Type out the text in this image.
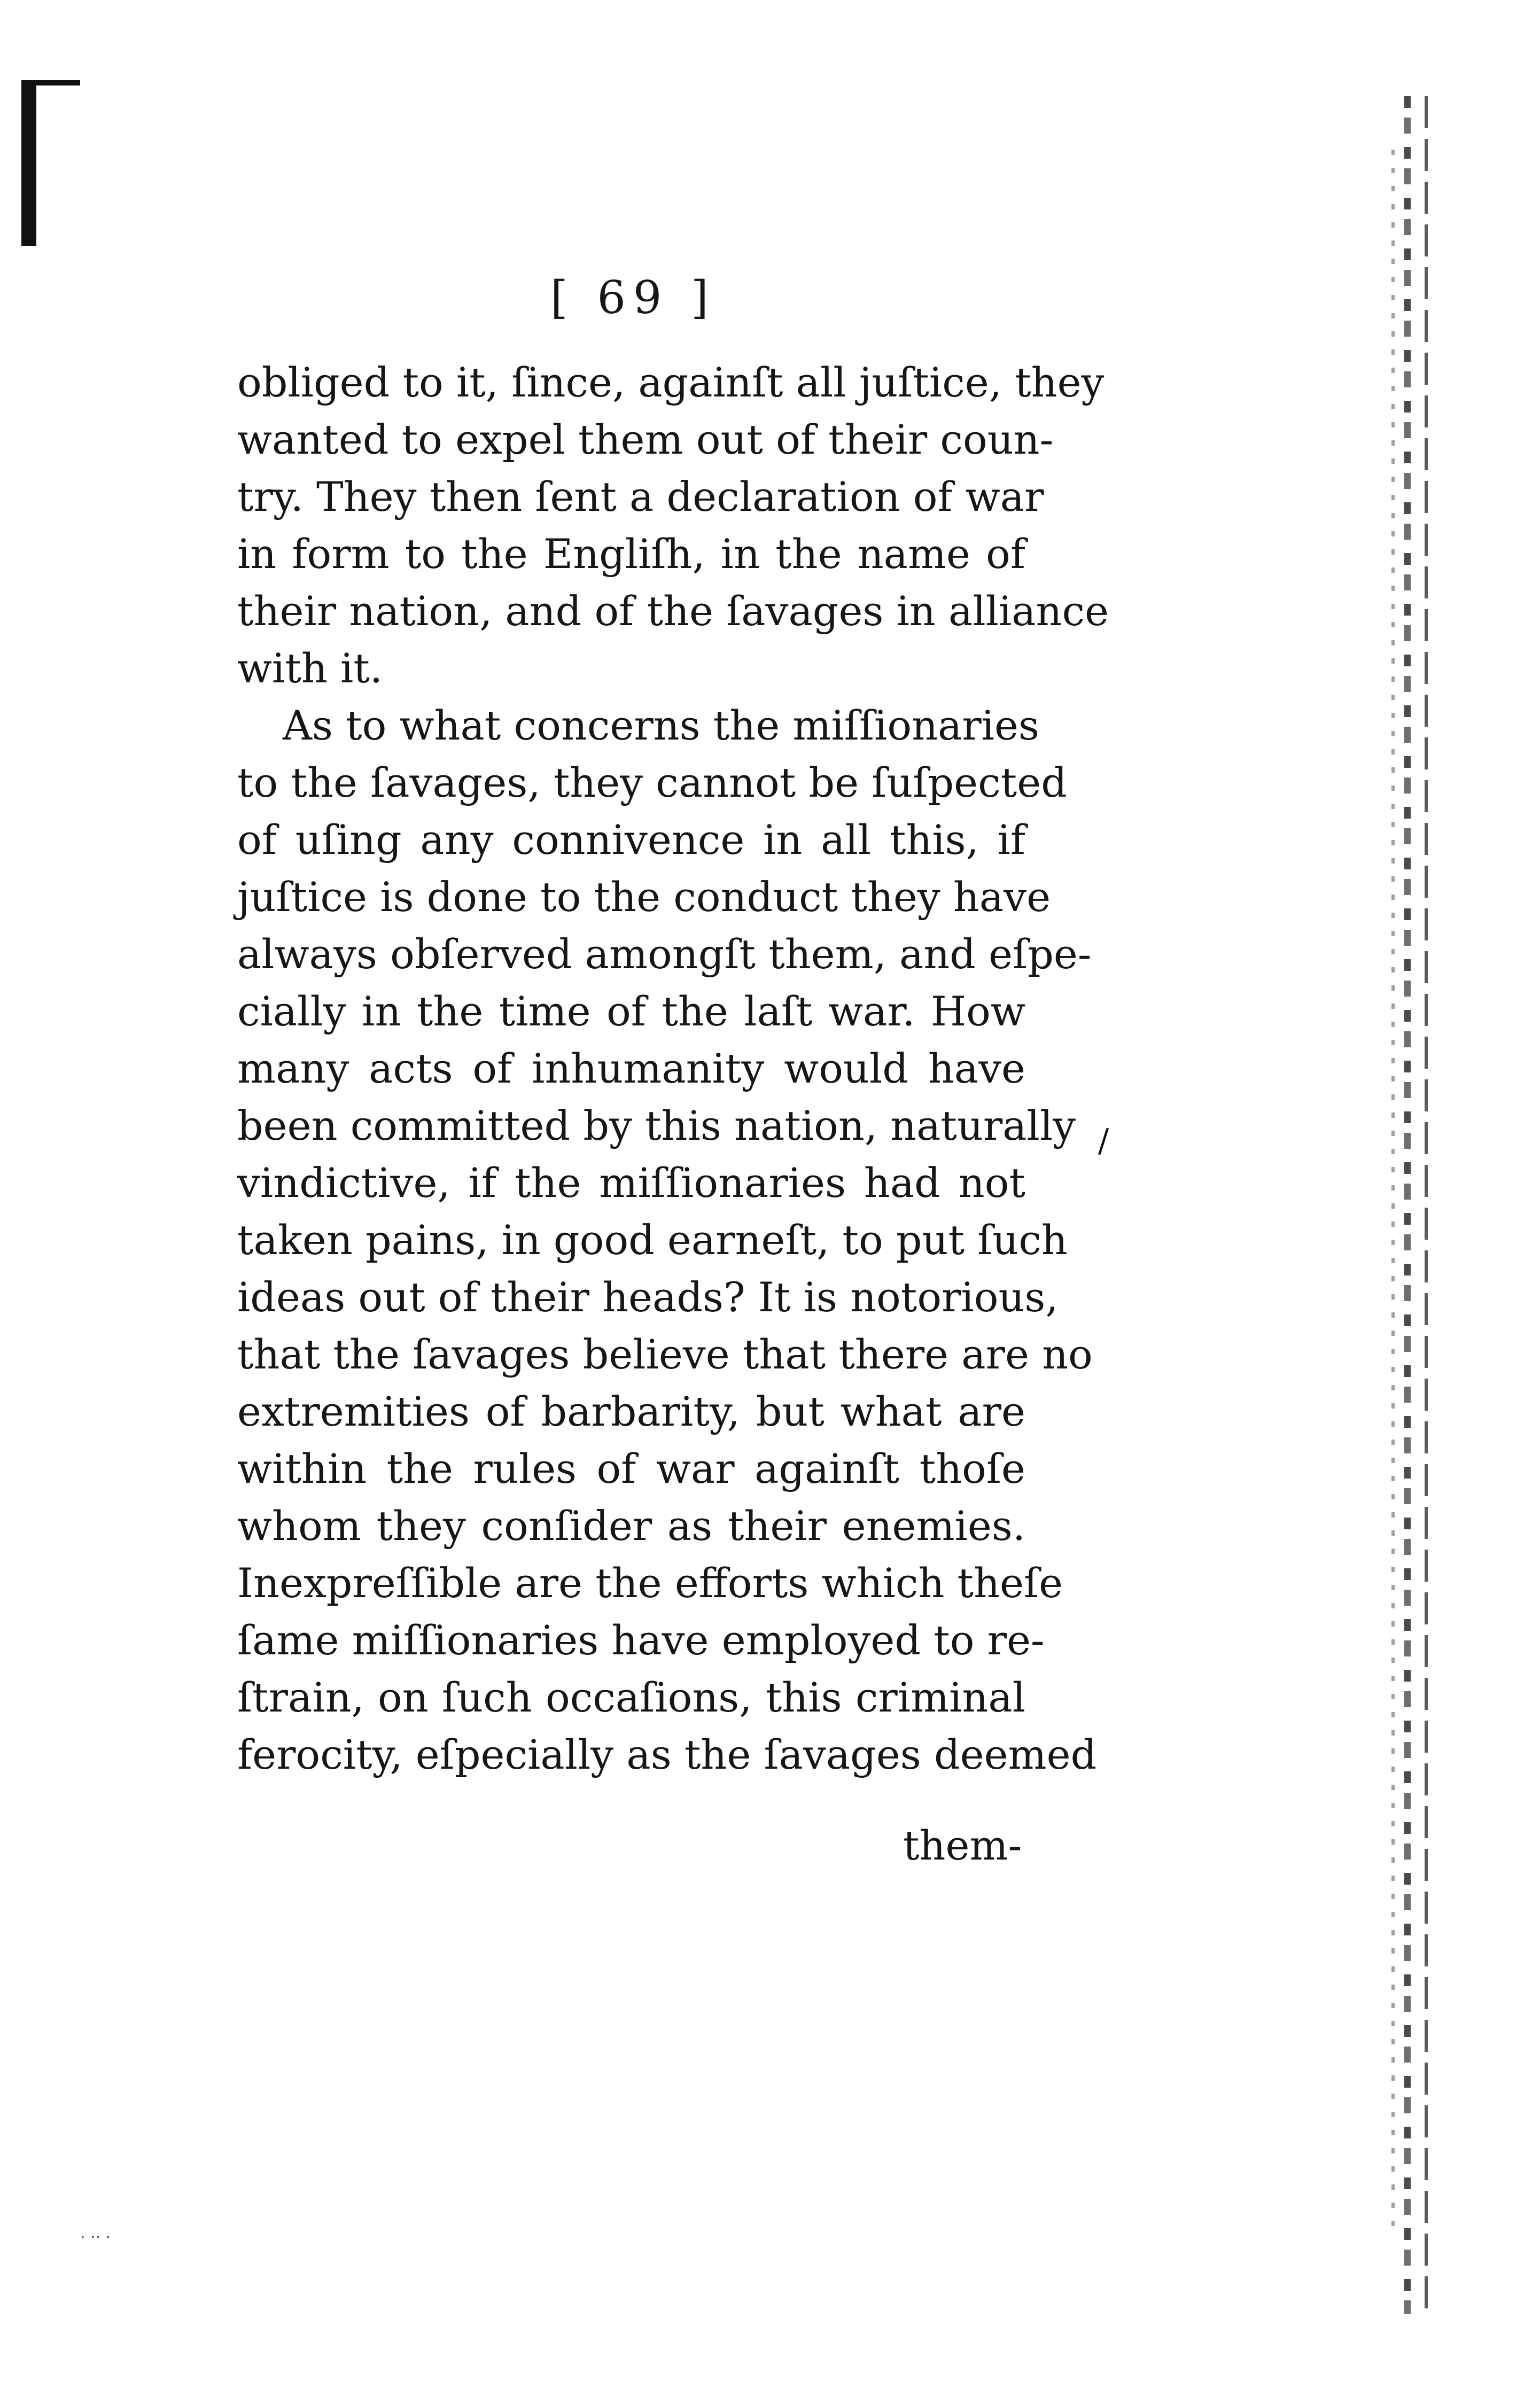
[ 69 ]
obliged to it, ſince, againſt all juſtice, they
wanted to expel them out of their coun-
try. They then ſent a declaration of war
in form to the Engliſh, in the name of
their nation, and of the ſavages in alliance
with it.
As to what concerns the miſſionaries
to the ſavages, they cannot be ſuſpected
of uſing any connivence in all this, if
juſtice is done to the conduct they have
always obſerved amongſt them, and eſpe-
cially in the time of the laſt war. How
many acts of inhumanity would have
been committed by this nation, naturally
vindictive, if the miſſionaries had not
taken pains, in good earneſt, to put ſuch
ideas out of their heads? It is notorious,
that the ſavages believe that there are no
extremities of barbarity, but what are
within the rules of war againſt thoſe
whom they conſider as their enemies.
Inexpreſſible are the efforts which theſe
ſame miſſionaries have employed to re-
ſtrain, on ſuch occaſions, this criminal
ferocity, eſpecially as the ſavages deemed
them-
∕
· ·· ·
